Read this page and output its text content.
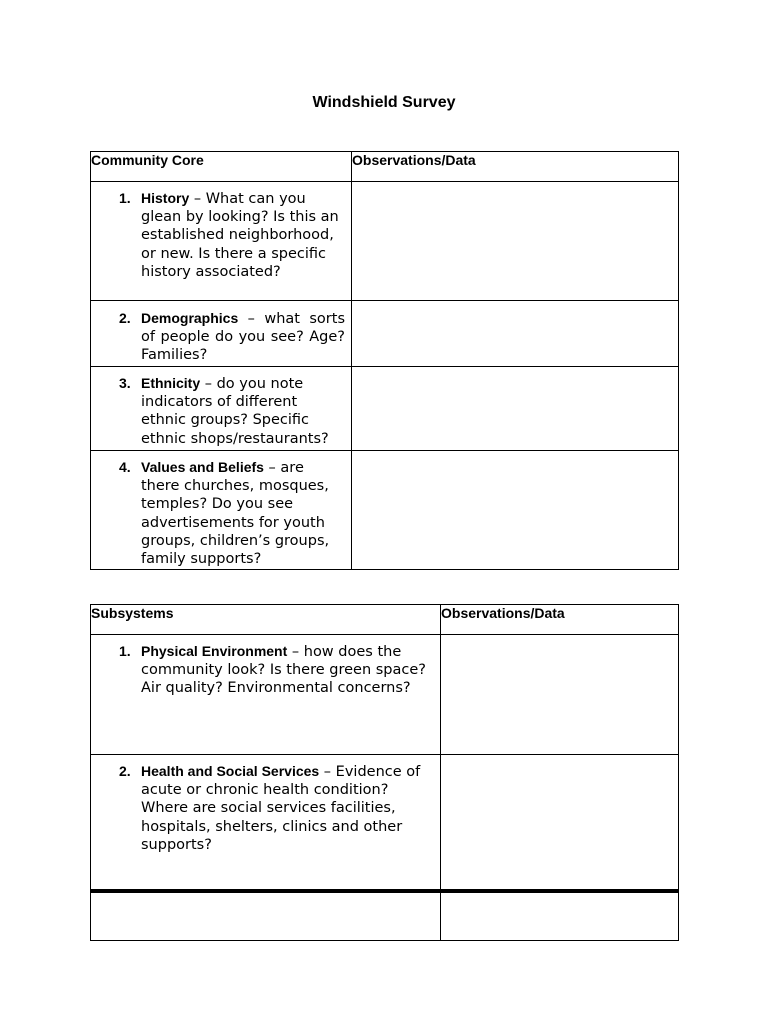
Windshield Survey
Community Core	Observations/Data

1. History – What can you glean by looking? Is this an established neighborhood, or new. Is there a specific history associated?	

2. Demographics – what sorts of people do you see? Age? Families?	

3. Ethnicity – do you note indicators of different ethnic groups? Specific ethnic shops/restaurants?	

4. Values and Beliefs – are there churches, mosques, temples? Do you see advertisements for youth groups, children’s groups, family supports?	

Subsystems	Observations/Data

1. Physical Environment – how does the community look? Is there green space? Air quality? Environmental concerns?	

2. Health and Social Services – Evidence of acute or chronic health condition? Where are social services facilities, hospitals, shelters, clinics and other supports?	
